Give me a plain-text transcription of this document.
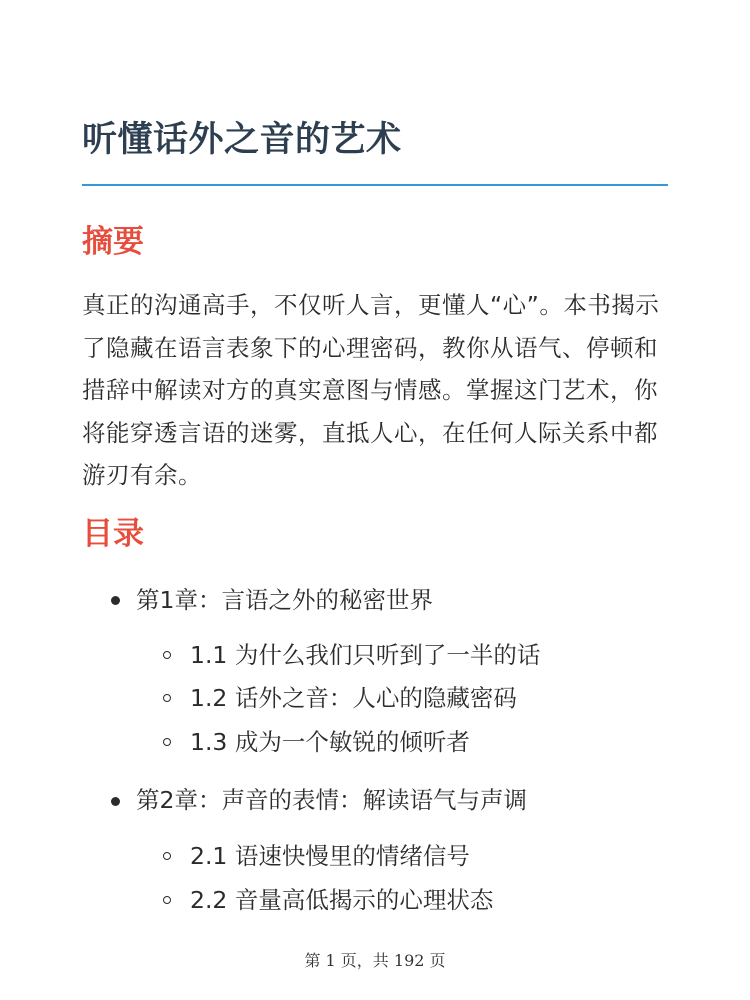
听懂话外之音的艺术
摘要

真正的沟通高手，不仅听人言，更懂人“心”。本书揭示了隐藏在语言表象下的心理密码，教你从语气、停顿和措辞中解读对方的真实意图与情感。掌握这门艺术，你将能穿透言语的迷雾，直抵人心，在任何人际关系中都游刃有余。

目录
第1章：言语之外的秘密世界
1.1 为什么我们只听到了一半的话
1.2 话外之音：人心的隐藏密码
1.3 成为一个敏锐的倾听者
第2章：声音的表情：解读语气与声调
2.1 语速快慢里的情绪信号
2.2 音量高低揭示的心理状态
第 1 页，共 192 页
